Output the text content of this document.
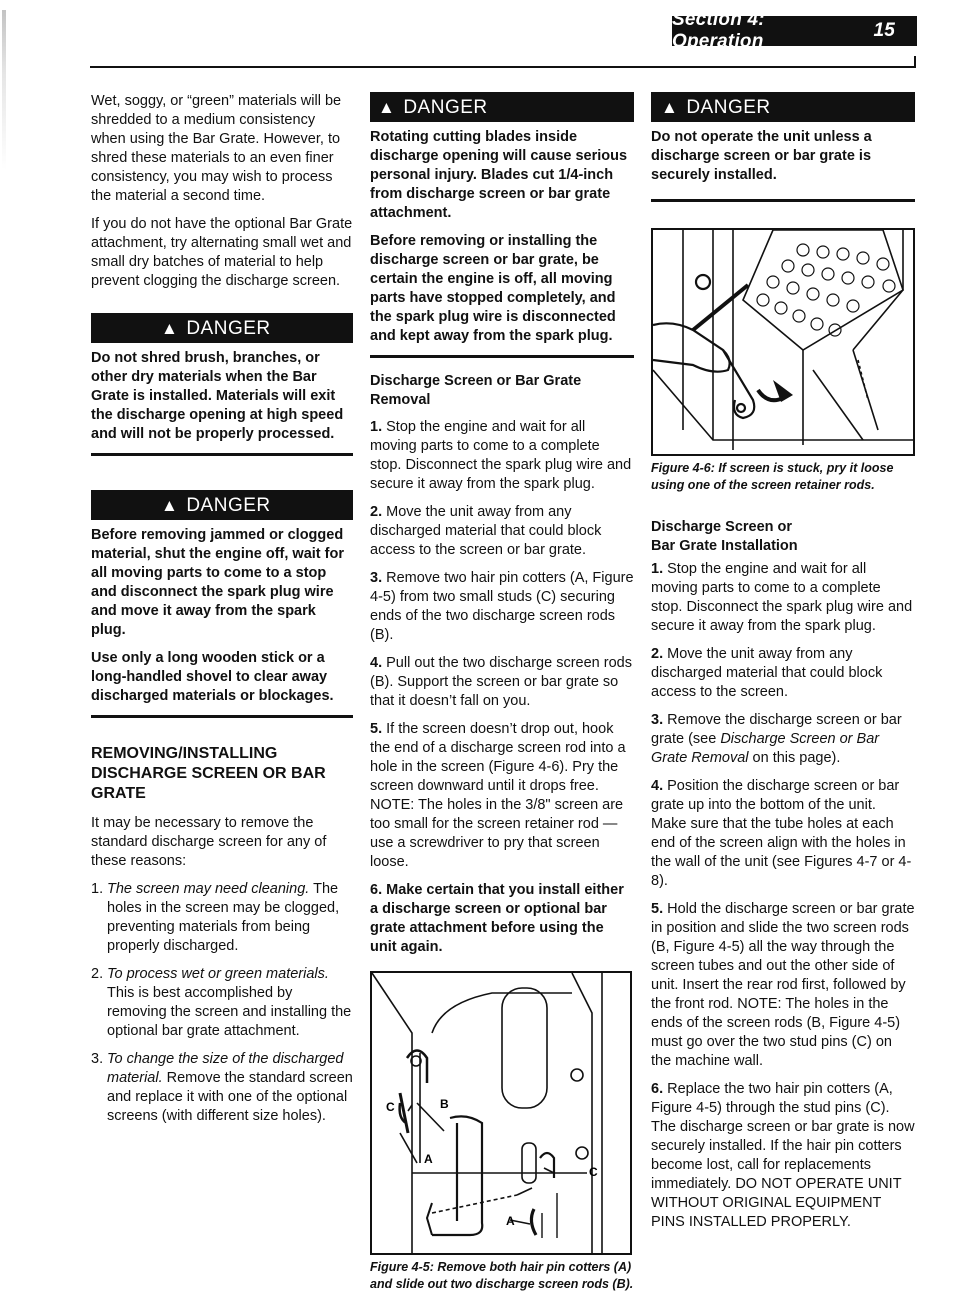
Section 4: Operation
15

Wet, soggy, or “green” materials will be shredded to a medium consistency when using the Bar Grate. However, to shred these materials to an even finer consistency, you may wish to process the material a second time.

If you do not have the optional Bar Grate attachment, try alternating small wet and small dry batches of material to help prevent clogging the discharge screen.

▲ DANGER

Do not shred brush, branches, or other dry materials when the Bar Grate is installed. Materials will exit the discharge opening at high speed and will not be properly processed.

▲ DANGER

Before removing jammed or clogged material, shut the engine off, wait for all moving parts to come to a stop and disconnect the spark plug wire and move it away from the spark plug.

Use only a long wooden stick or a long-handled shovel to clear away discharged materials or blockages.

REMOVING/INSTALLING DISCHARGE SCREEN OR BAR GRATE

It may be necessary to remove the standard discharge screen for any of these reasons:

1. The screen may need cleaning. The holes in the screen may be clogged, preventing materials from being properly discharged.
2. To process wet or green materials. This is best accomplished by removing the screen and installing the optional bar grate attachment.
3. To change the size of the discharged material. Remove the standard screen and replace it with one of the optional screens (with different size holes).
▲ DANGER

Rotating cutting blades inside discharge opening will cause serious personal injury. Blades cut 1/4-inch from discharge screen or bar grate attachment.

Before removing or installing the discharge screen or bar grate, be certain the engine is off, all moving parts have stopped completely, and the spark plug wire is disconnected and kept away from the spark plug.

Discharge Screen or Bar Grate Removal

1. Stop the engine and wait for all moving parts to come to a complete stop. Disconnect the spark plug wire and secure it away from the spark plug.

2. Move the unit away from any discharged material that could block access to the screen or bar grate.

3. Remove two hair pin cotters (A, Figure 4-5) from two small studs (C) securing ends of the two discharge screen rods (B).

4. Pull out the two discharge screen rods (B). Support the screen or bar grate so that it doesn’t fall on you.

5. If the screen doesn’t drop out, hook the end of a discharge screen rod into a hole in the screen (Figure 4-6). Pry the screen downward until it drops free. NOTE: The holes in the 3/8" screen are too small for the screen retainer rod — use a screwdriver to pry that screen loose.

6. Make certain that you install either a discharge screen or optional bar grate attachment before using the unit again.

C	B
A
C
A
Figure 4-5: Remove both hair pin cotters (A) and slide out two discharge screen rods (B).
▲ DANGER

Do not operate the unit unless a discharge screen or bar grate is securely installed.

Figure 4-6: If screen is stuck, pry it loose using one of the screen retainer rods.
Discharge Screen or
Bar Grate Installation

1. Stop the engine and wait for all moving parts to come to a complete stop. Disconnect the spark plug wire and secure it away from the spark plug.

2. Move the unit away from any discharged material that could block access to the screen.

3. Remove the discharge screen or bar grate (see Discharge Screen or Bar Grate Removal on this page).

4. Position the discharge screen or bar grate up into the bottom of the unit. Make sure that the tube holes at each end of the screen align with the holes in the wall of the unit (see Figures 4-7 or 4-8).

5. Hold the discharge screen or bar grate in position and slide the two screen rods (B, Figure 4-5) all the way through the screen tubes and out the other side of unit. Insert the rear rod first, followed by the front rod. NOTE: The holes in the ends of the screen rods (B, Figure 4-5) must go over the two stud pins (C) on the machine wall.

6. Replace the two hair pin cotters (A, Figure 4-5) through the stud pins (C). The discharge screen or bar grate is now securely installed. If the hair pin cotters become lost, call for replacements immediately. DO NOT OPERATE UNIT WITHOUT ORIGINAL EQUIPMENT PINS INSTALLED PROPERLY.
